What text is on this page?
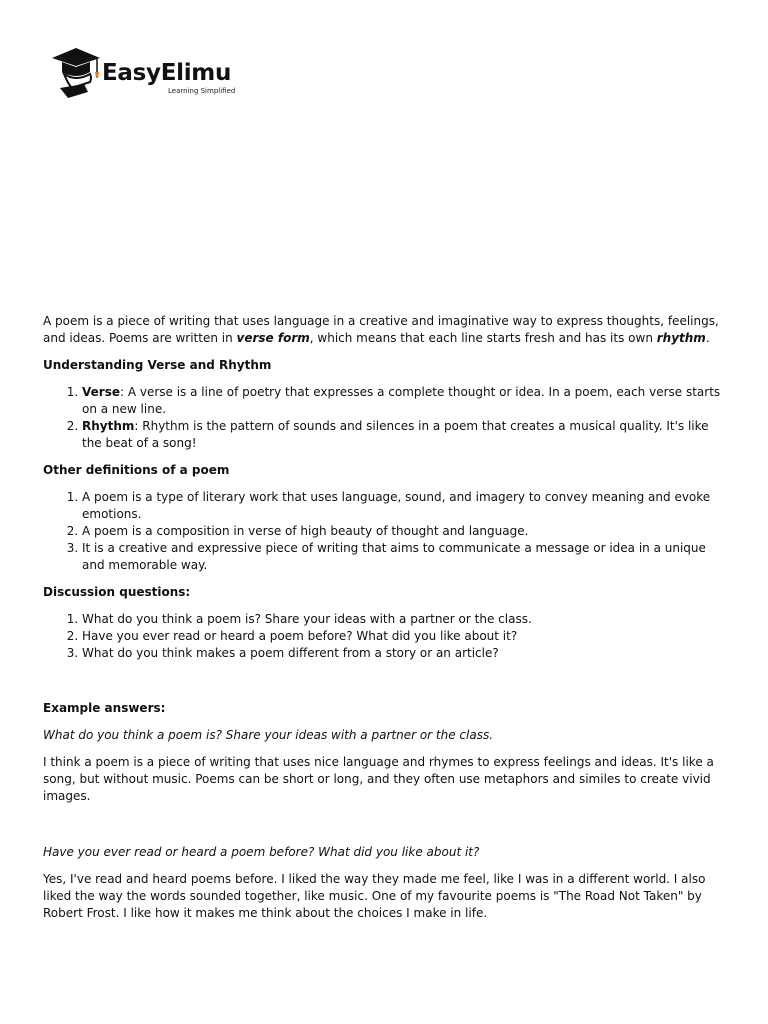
EasyElimu
Learning Simplified

A poem is a piece of writing that uses language in a creative and imaginative way to express thoughts, feelings, and ideas. Poems are written in verse form, which means that each line starts fresh and has its own rhythm.

Understanding Verse and Rhythm
1. Verse: A verse is a line of poetry that expresses a complete thought or idea. In a poem, each verse starts on a new line.
2. Rhythm: Rhythm is the pattern of sounds and silences in a poem that creates a musical quality. It's like the beat of a song!
Other definitions of a poem
1. A poem is a type of literary work that uses language, sound, and imagery to convey meaning and evoke emotions.
2. A poem is a composition in verse of high beauty of thought and language.
3. It is a creative and expressive piece of writing that aims to communicate a message or idea in a unique and memorable way.
Discussion questions:
1. What do you think a poem is? Share your ideas with a partner or the class.
2. Have you ever read or heard a poem before? What did you like about it?
3. What do you think makes a poem different from a story or an article?
Example answers:

What do you think a poem is? Share your ideas with a partner or the class.

I think a poem is a piece of writing that uses nice language and rhymes to express feelings and ideas. It's like a song, but without music. Poems can be short or long, and they often use metaphors and similes to create vivid images.

Have you ever read or heard a poem before? What did you like about it?

Yes, I've read and heard poems before. I liked the way they made me feel, like I was in a different world. I also liked the way the words sounded together, like music. One of my favourite poems is "The Road Not Taken" by Robert Frost. I like how it makes me think about the choices I make in life.
